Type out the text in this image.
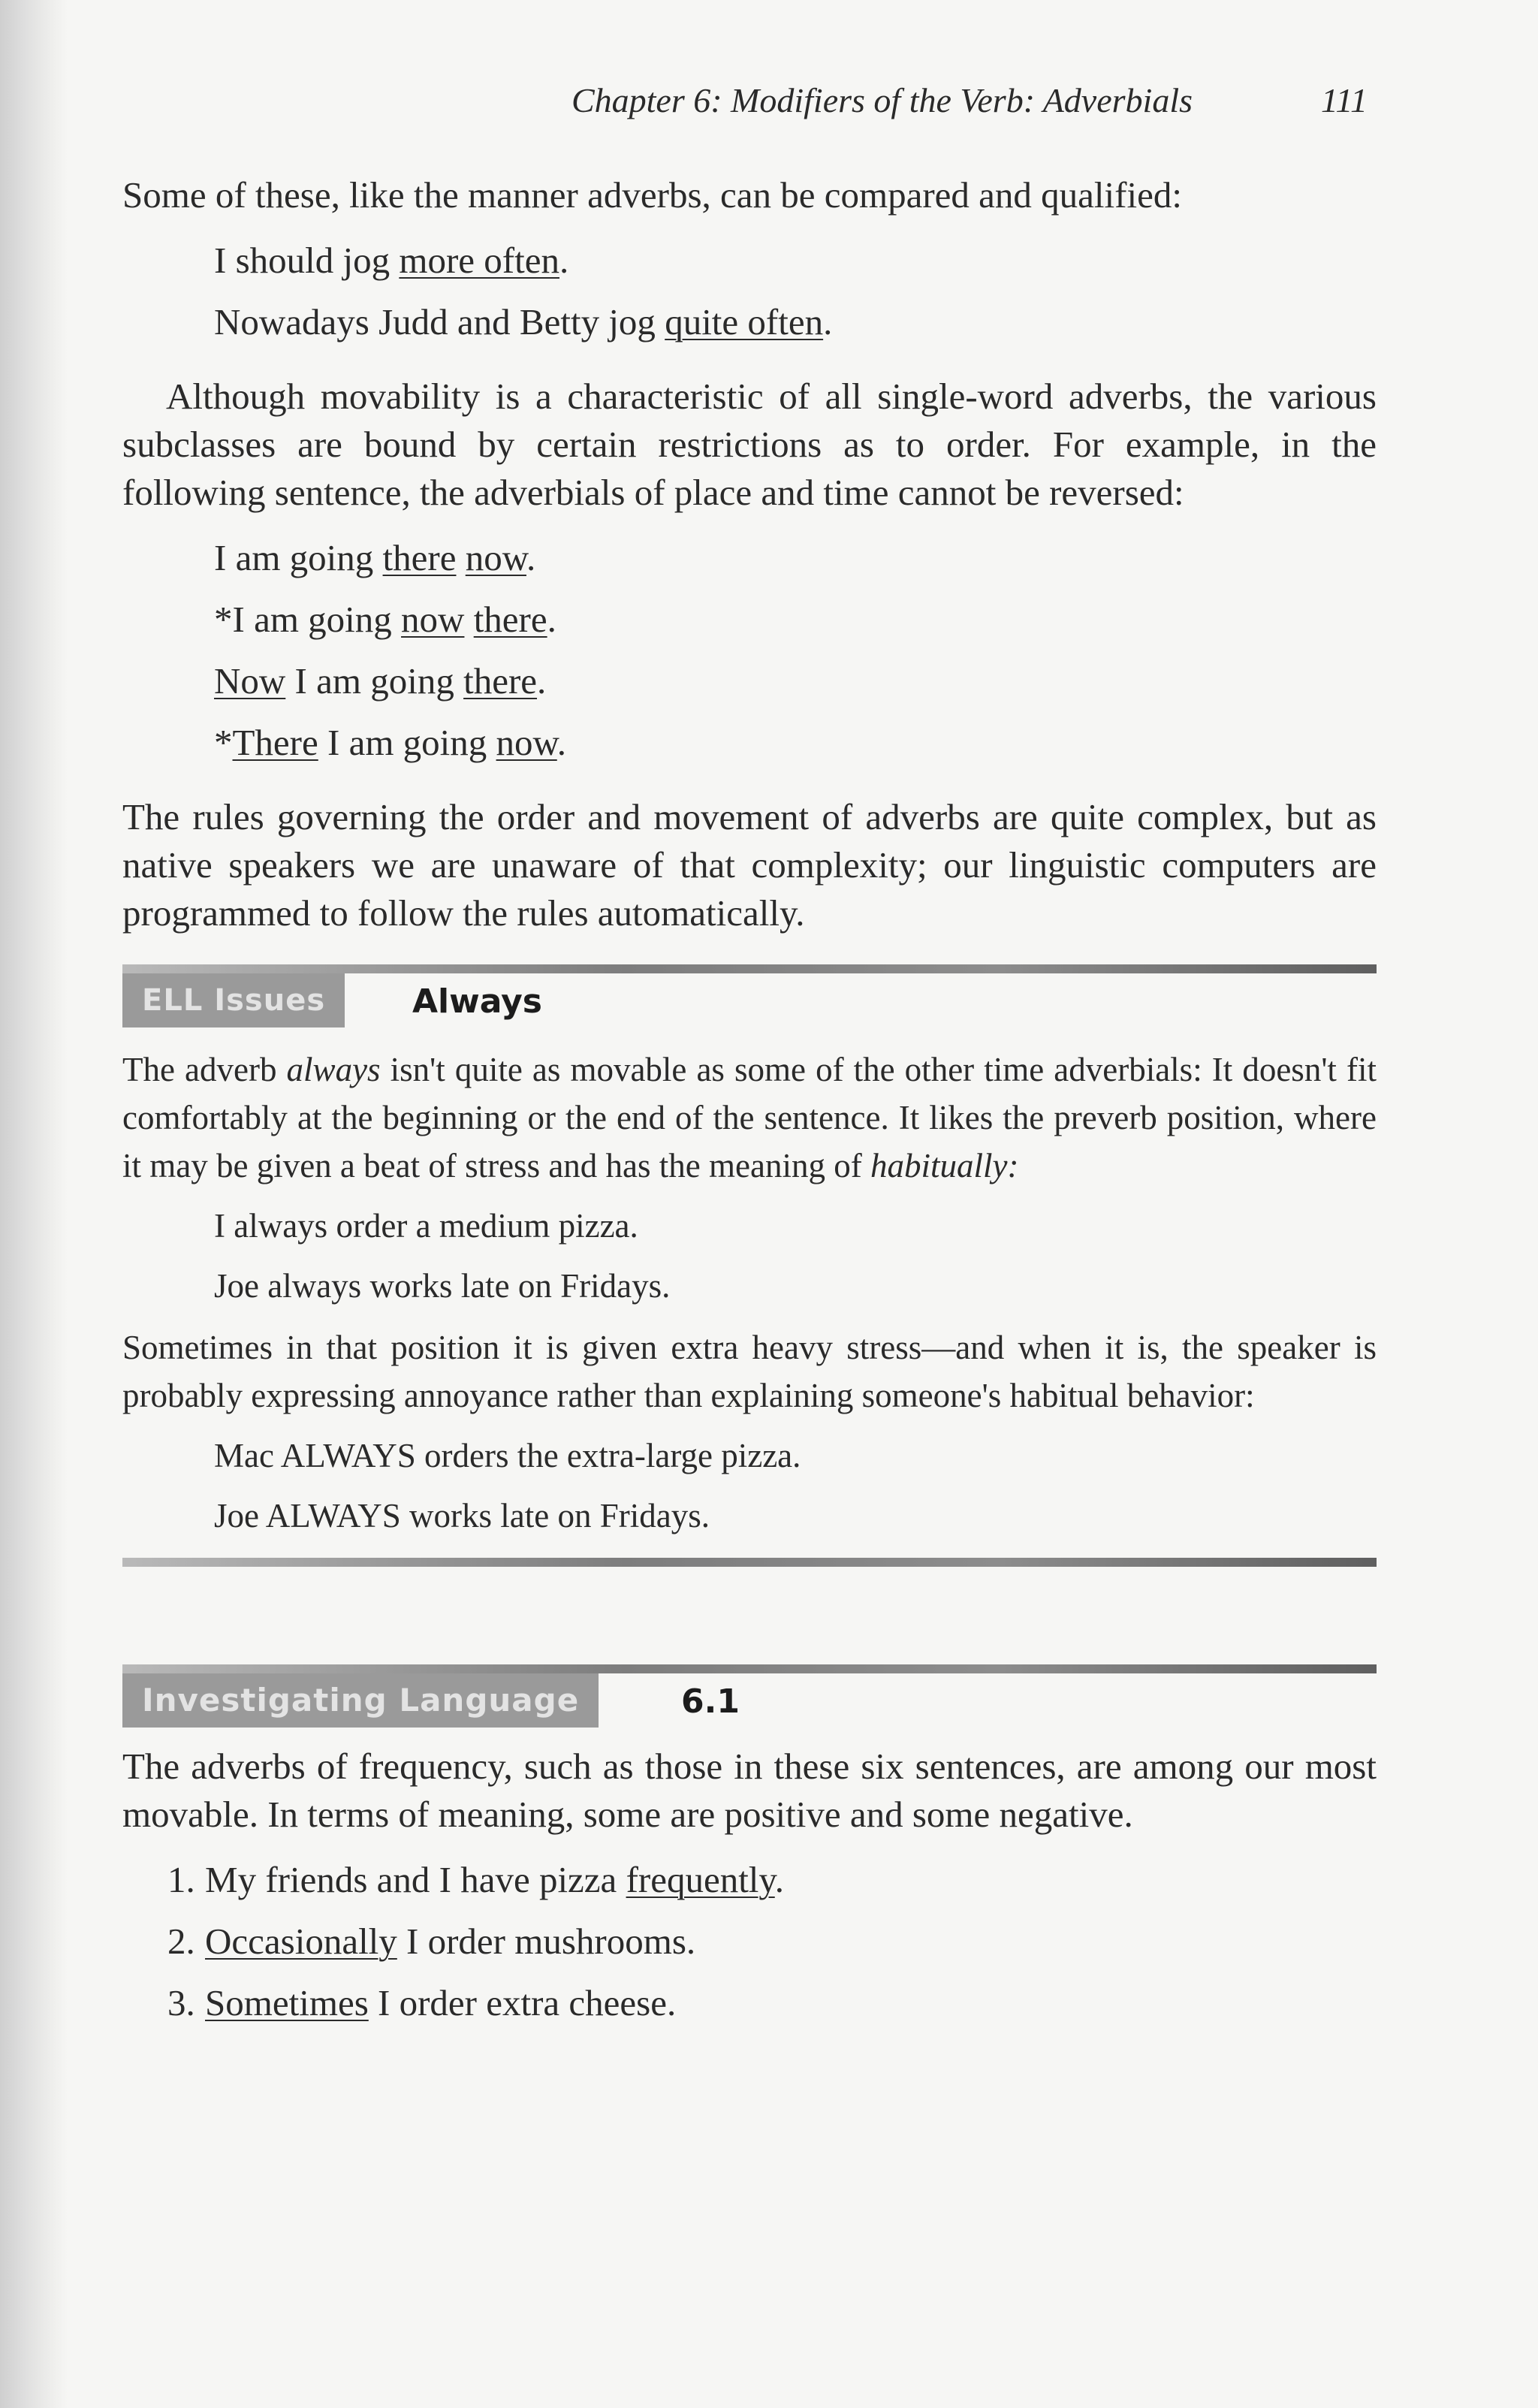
Chapter 6: Modifiers of the Verb: Adverbials	111

Some of these, like the manner adverbs, can be compared and qualified:

I should jog more often.
Nowadays Judd and Betty jog quite often.

Although movability is a characteristic of all single-word adverbs, the various subclasses are bound by certain restrictions as to order. For example, in the following sentence, the adverbials of place and time cannot be reversed:

I am going there now.
*I am going now there.
Now I am going there.
*There I am going now.

The rules governing the order and movement of adverbs are quite complex, but as native speakers we are unaware of that complexity; our linguistic computers are programmed to follow the rules automatically.

ELL Issues	Always

The adverb always isn't quite as movable as some of the other time adverbials: It doesn't fit comfortably at the beginning or the end of the sentence. It likes the preverb position, where it may be given a beat of stress and has the meaning of habitually:

I always order a medium pizza.
Joe always works late on Fridays.

Sometimes in that position it is given extra heavy stress—and when it is, the speaker is probably expressing annoyance rather than explaining someone's habitual behavior:

Mac ALWAYS orders the extra-large pizza.
Joe ALWAYS works late on Fridays.
Investigating Language	6.1

The adverbs of frequency, such as those in these six sentences, are among our most movable. In terms of meaning, some are positive and some negative.

1. My friends and I have pizza frequently.
2. Occasionally I order mushrooms.
3. Sometimes I order extra cheese.
